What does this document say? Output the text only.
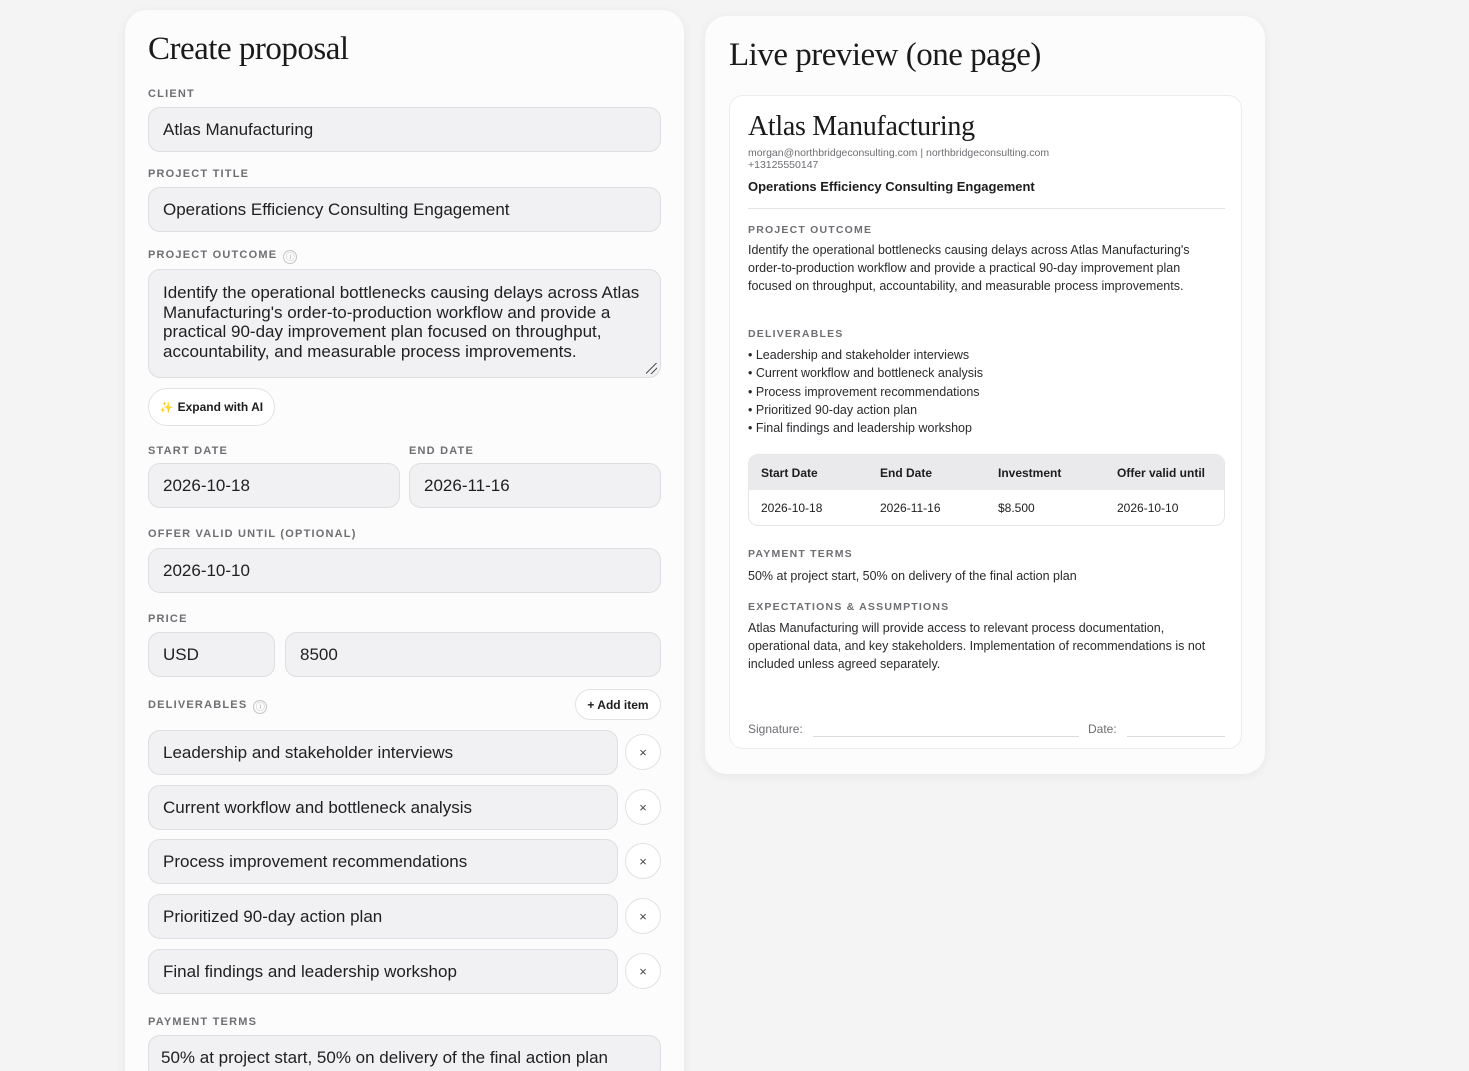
Create proposal
CLIENT
Atlas Manufacturing
PROJECT TITLE
Operations Efficiency Consulting Engagement
PROJECT OUTCOME ⓘ
Identify the operational bottlenecks causing delays across Atlas Manufacturing's order-to-production workflow and provide a practical 90-day improvement plan focused on throughput, accountability, and measurable process improvements.
✨ Expand with AI
START DATE
2026-10-18
END DATE
2026-11-16
OFFER VALID UNTIL (OPTIONAL)
2026-10-10
PRICE
USD	8500
DELIVERABLES ⓘ	+ Add item
Leadership and stakeholder interviews	×
Current workflow and bottleneck analysis	×
Process improvement recommendations	×
Prioritized 90-day action plan	×
Final findings and leadership workshop	×
PAYMENT TERMS
50% at project start, 50% on delivery of the final action plan
Live preview (one page)
Atlas Manufacturing
morgan@northbridgeconsulting.com | northbridgeconsulting.com
+13125550147
Operations Efficiency Consulting Engagement
PROJECT OUTCOME
Identify the operational bottlenecks causing delays across Atlas Manufacturing's order-to-production workflow and provide a practical 90-day improvement plan focused on throughput, accountability, and measurable process improvements.
DELIVERABLES
• Leadership and stakeholder interviews
• Current workflow and bottleneck analysis
• Process improvement recommendations
• Prioritized 90-day action plan
• Final findings and leadership workshop
Start Date	End Date	Investment	Offer valid until
2026-10-18	2026-11-16	$8.500	2026-10-10
PAYMENT TERMS
50% at project start, 50% on delivery of the final action plan
EXPECTATIONS & ASSUMPTIONS
Atlas Manufacturing will provide access to relevant process documentation, operational data, and key stakeholders. Implementation of recommendations is not included unless agreed separately.
Signature:	Date:
